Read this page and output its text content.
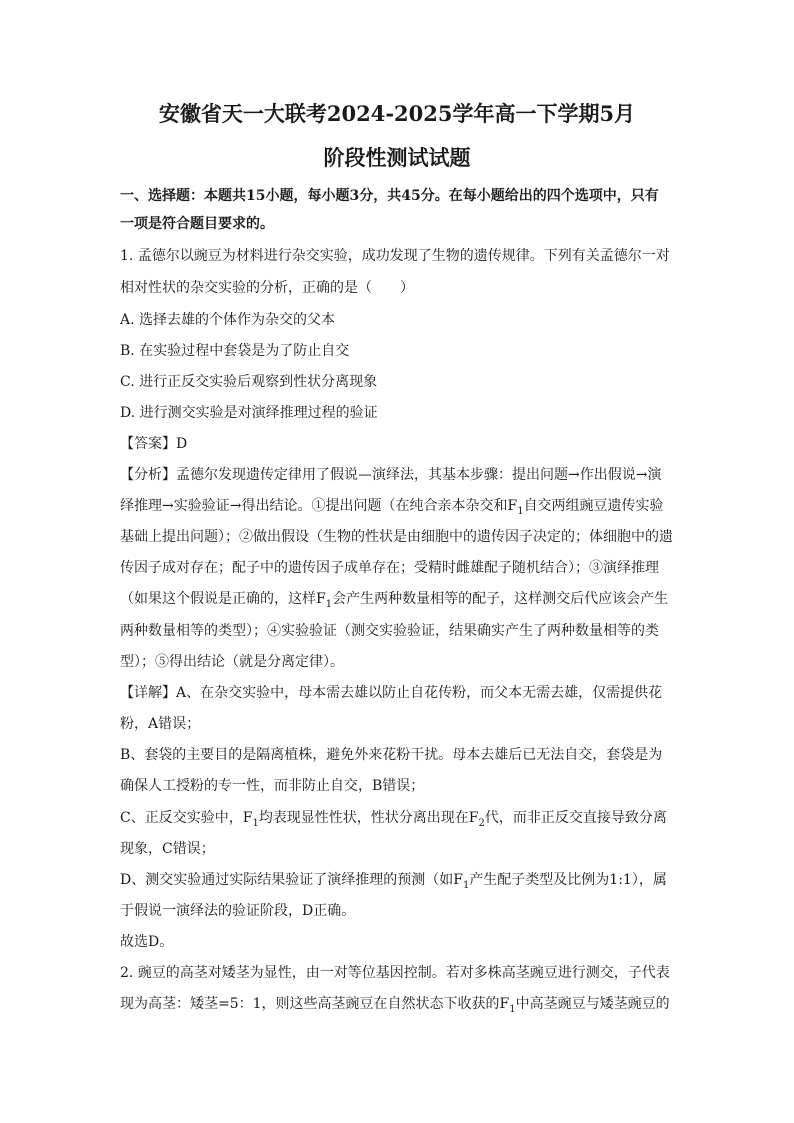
安徽省天一大联考2024-2025学年高一下学期5月
阶段性测试试题
一、选择题：本题共15小题，每小题3分，共45分。在每小题给出的四个选项中，只有
一项是符合题目要求的。
1. 孟德尔以豌豆为材料进行杂交实验，成功发现了生物的遗传规律。下列有关孟德尔一对
相对性状的杂交实验的分析，正确的是（　　）
A. 选择去雄的个体作为杂交的父本
B. 在实验过程中套袋是为了防止自交
C. 进行正反交实验后观察到性状分离现象
D. 进行测交实验是对演绎推理过程的验证
【答案】D
【分析】孟德尔发现遗传定律用了假说—演绎法，其基本步骤：提出问题→作出假说→演
绎推理→实验验证→得出结论。①提出问题（在纯合亲本杂交和$F_1$自交两组豌豆遗传实验
基础上提出问题）；②做出假设（生物的性状是由细胞中的遗传因子决定的；体细胞中的遗
传因子成对存在；配子中的遗传因子成单存在；受精时雌雄配子随机结合）；③演绎推理
（如果这个假说是正确的，这样$F_1$会产生两种数量相等的配子，这样测交后代应该会产生
两种数量相等的类型）；④实验验证（测交实验验证，结果确实产生了两种数量相等的类
型）；⑤得出结论（就是分离定律）。
【详解】A、在杂交实验中，母本需去雄以防止自花传粉，而父本无需去雄，仅需提供花
粉，A错误；
B、套袋的主要目的是隔离植株，避免外来花粉干扰。母本去雄后已无法自交，套袋是为
确保人工授粉的专一性，而非防止自交，B错误；
C、正反交实验中，$F_1$均表现显性性状，性状分离出现在$F_2$代，而非正反交直接导致分离
现象，C错误；
D、测交实验通过实际结果验证了演绎推理的预测（如$F_1$产生配子类型及比例为1:1），属
于假说一演绎法的验证阶段，D正确。
故选D。
2. 豌豆的高茎对矮茎为显性，由一对等位基因控制。若对多株高茎豌豆进行测交，子代表
现为高茎：矮茎=5：1，则这些高茎豌豆在自然状态下收获的$F_1$中高茎豌豆与矮茎豌豆的
